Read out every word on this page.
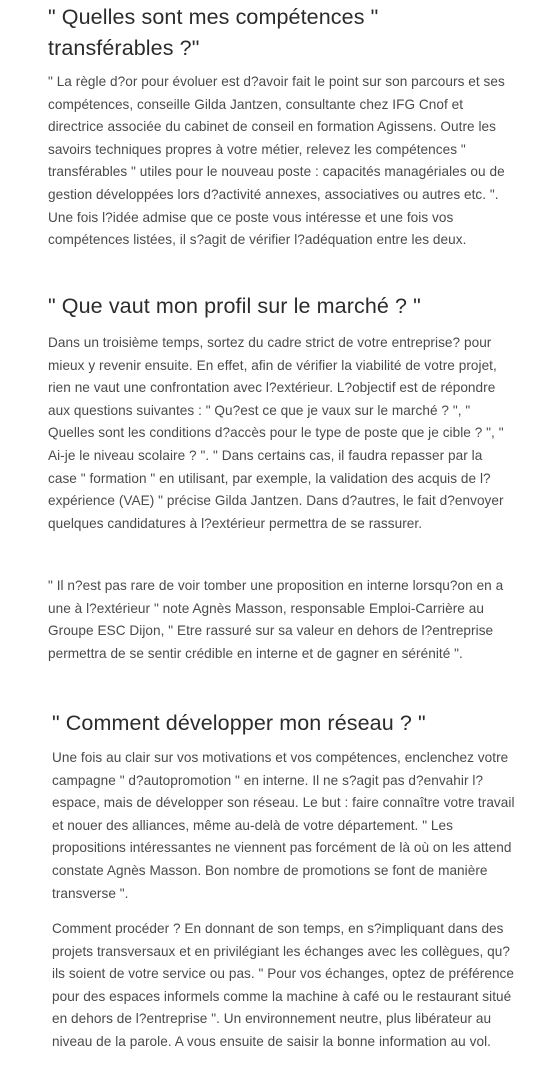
" Quelles sont mes compétences " transférables ?"

" La règle d?or pour évoluer est d?avoir fait le point sur son parcours et ses compétences, conseille Gilda Jantzen, consultante chez IFG Cnof et directrice associée du cabinet de conseil en formation Agissens. Outre les savoirs techniques propres à votre métier, relevez les compétences " transférables " utiles pour le nouveau poste : capacités managériales ou de gestion développées lors d?activité annexes, associatives ou autres etc. ". Une fois l?idée admise que ce poste vous intéresse et une fois vos compétences listées, il s?agit de vérifier l?adéquation entre les deux.

" Que vaut mon profil sur le marché ? "

Dans un troisième temps, sortez du cadre strict de votre entreprise? pour mieux y revenir ensuite. En effet, afin de vérifier la viabilité de votre projet, rien ne vaut une confrontation avec l?extérieur. L?objectif est de répondre aux questions suivantes : " Qu?est ce que je vaux sur le marché ? ", " Quelles sont les conditions d?accès pour le type de poste que je cible ? ", " Ai-je le niveau scolaire ? ". " Dans certains cas, il faudra repasser par la case " formation " en utilisant, par exemple, la validation des acquis de l?expérience (VAE) " précise Gilda Jantzen. Dans d?autres, le fait d?envoyer quelques candidatures à l?extérieur permettra de se rassurer.

" Il n?est pas rare de voir tomber une proposition en interne lorsqu?on en a une à l?extérieur " note Agnès Masson, responsable Emploi-Carrière au Groupe ESC Dijon, " Etre rassuré sur sa valeur en dehors de l?entreprise permettra de se sentir crédible en interne et de gagner en sérénité ".

" Comment développer mon réseau ? "

Une fois au clair sur vos motivations et vos compétences, enclenchez votre campagne " d?autopromotion " en interne. Il ne s?agit pas d?envahir l?espace, mais de développer son réseau. Le but : faire connaître votre travail et nouer des alliances, même au-delà de votre département. " Les propositions intéressantes ne viennent pas forcément de là où on les attend constate Agnès Masson. Bon nombre de promotions se font de manière transverse ".

Comment procéder ? En donnant de son temps, en s?impliquant dans des projets transversaux et en privilégiant les échanges avec les collègues, qu?ils soient de votre service ou pas. " Pour vos échanges, optez de préférence pour des espaces informels comme la machine à café ou le restaurant situé en dehors de l?entreprise ". Un environnement neutre, plus libérateur au niveau de la parole. A vous ensuite de saisir la bonne information au vol.
